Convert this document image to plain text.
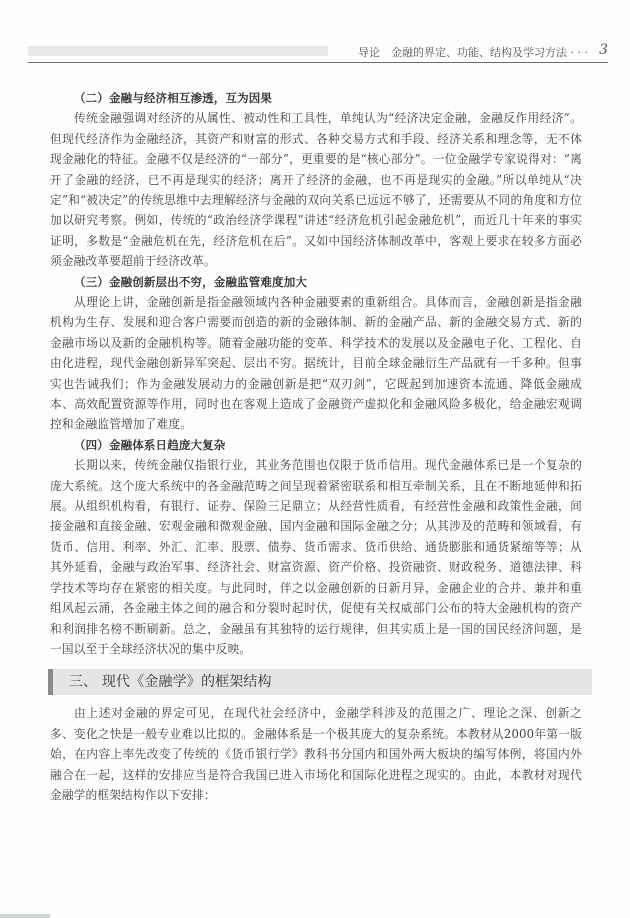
导论　金融的界定、功能、结构及学习方法 · · · 3
（二）金融与经济相互渗透，互为因果

传统金融强调对经济的从属性、被动性和工具性，单纯认为“经济决定金融，金融反作用经济”。但现代经济作为金融经济，其资产和财富的形式、各种交易方式和手段、经济关系和理念等，无不体现金融化的特征。金融不仅是经济的“一部分”，更重要的是“核心部分”。一位金融学专家说得对：“离开了金融的经济，已不再是现实的经济；离开了经济的金融，也不再是现实的金融。”所以单纯从“决定”和“被决定”的传统思维中去理解经济与金融的双向关系已远远不够了，还需要从不同的角度和方位加以研究考察。例如，传统的“政治经济学课程”讲述“经济危机引起金融危机”，而近几十年来的事实证明，多数是“金融危机在先，经济危机在后”。又如中国经济体制改革中，客观上要求在较多方面必须金融改革要超前于经济改革。

（三）金融创新层出不穷，金融监管难度加大

从理论上讲，金融创新是指金融领域内各种金融要素的重新组合。具体而言，金融创新是指金融机构为生存、发展和迎合客户需要而创造的新的金融体制、新的金融产品、新的金融交易方式、新的金融市场以及新的金融机构等。随着金融功能的变革、科学技术的发展以及金融电子化、工程化、自由化进程，现代金融创新异军突起、层出不穷。据统计，目前全球金融衍生产品就有一千多种。但事实也告诫我们；作为金融发展动力的金融创新是把“双刃剑”，它既起到加速资本流通、降低金融成本、高效配置资源等作用，同时也在客观上造成了金融资产虚拟化和金融风险多极化，给金融宏观调控和金融监管增加了难度。

（四）金融体系日趋庞大复杂

长期以来，传统金融仅指银行业，其业务范围也仅限于货币信用。现代金融体系已是一个复杂的庞大系统。这个庞大系统中的各金融范畴之间呈现着紧密联系和相互牵制关系，且在不断地延伸和拓展。从组织机构看，有银行、证券、保险三足鼎立；从经营性质看，有经营性金融和政策性金融，间接金融和直接金融、宏观金融和微观金融、国内金融和国际金融之分；从其涉及的范畴和领域看，有货币、信用、利率、外汇、汇率、股票、债券、货币需求、货币供给、通货膨胀和通货紧缩等等；从其外延看，金融与政治军事、经济社会、财富资源、资产价格、投资融资、财政税务、道德法律、科学技术等均存在紧密的相关度。与此同时，伴之以金融创新的日新月异，金融企业的合并、兼并和重组风起云涌，各金融主体之间的融合和分裂时起时伏，促使有关权威部门公布的特大金融机构的资产和利润排名榜不断刷新。总之，金融虽有其独特的运行规律，但其实质上是一国的国民经济问题，是一国以至于全球经济状况的集中反映。

三、 现代《金融学》的框架结构

由上述对金融的界定可见，在现代社会经济中，金融学科涉及的范围之广、理论之深、创新之多、变化之快是一般专业难以比拟的。金融体系是一个极其庞大的复杂系统。本教材从2000年第一版始，在内容上率先改变了传统的《货币银行学》教科书分国内和国外两大板块的编写体例，将国内外融合在一起，这样的安排应当是符合我国已进入市场化和国际化进程之现实的。由此，本教材对现代金融学的框架结构作以下安排：
